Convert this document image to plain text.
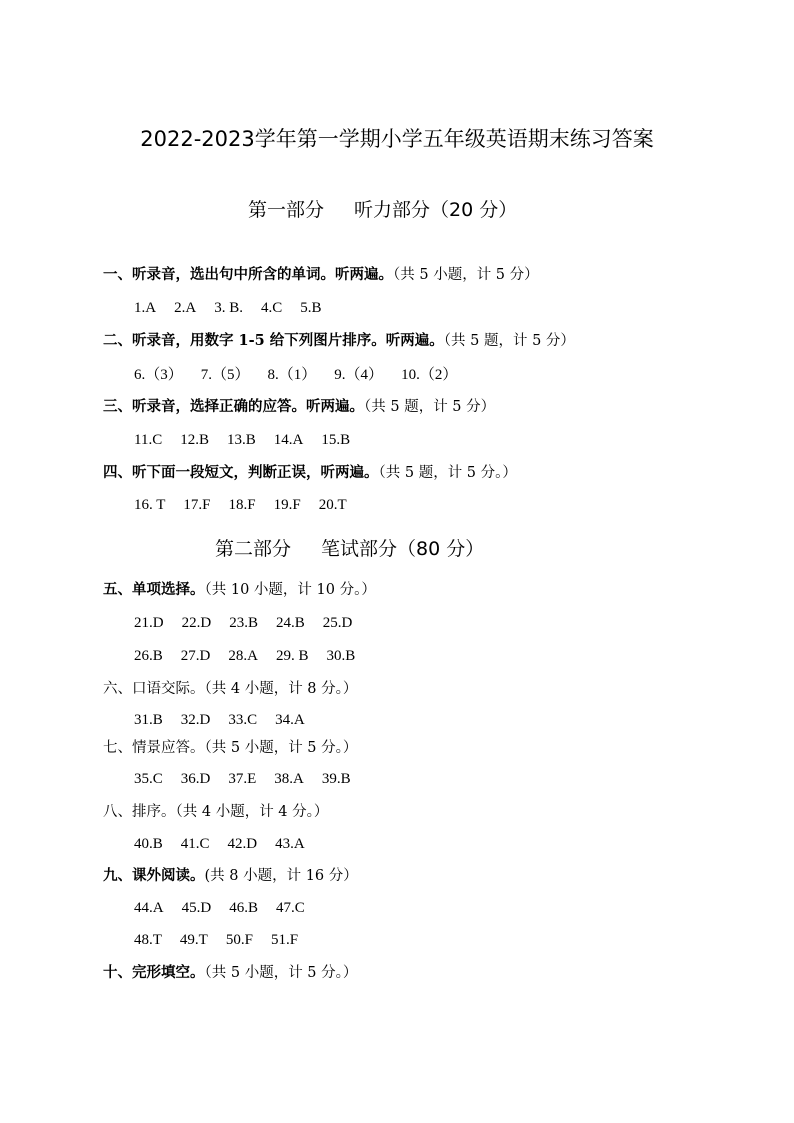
2022-2023学年第一学期小学五年级英语期末练习答案
第一部分 听力部分（20 分）
一、听录音，选出句中所含的单词。听两遍。（共 5 小题，计 5 分）
1.A 2.A 3. B. 4.C 5.B
二、听录音，用数字 1-5 给下列图片排序。听两遍。（共 5 题，计 5 分）
6.（3） 7.（5） 8.（1） 9.（4） 10.（2）
三、听录音，选择正确的应答。听两遍。（共 5 题，计 5 分）
11.C 12.B 13.B 14.A 15.B
四、听下面一段短文，判断正误，听两遍。（共 5 题，计 5 分。）
16. T 17.F 18.F 19.F 20.T
第二部分 笔试部分（80 分）
五、单项选择。（共 10 小题，计 10 分。）
21.D 22.D 23.B 24.B 25.D
26.B 27.D 28.A 29. B 30.B
六、口语交际。（共 4 小题，计 8 分。）
31.B 32.D 33.C 34.A
七、情景应答。（共 5 小题，计 5 分。）
35.C 36.D 37.E 38.A 39.B
八、排序。（共 4 小题，计 4 分。）
40.B 41.C 42.D 43.A
九、课外阅读。(共 8 小题，计 16 分）
44.A 45.D 46.B 47.C
48.T 49.T 50.F 51.F
十、完形填空。（共 5 小题，计 5 分。）
